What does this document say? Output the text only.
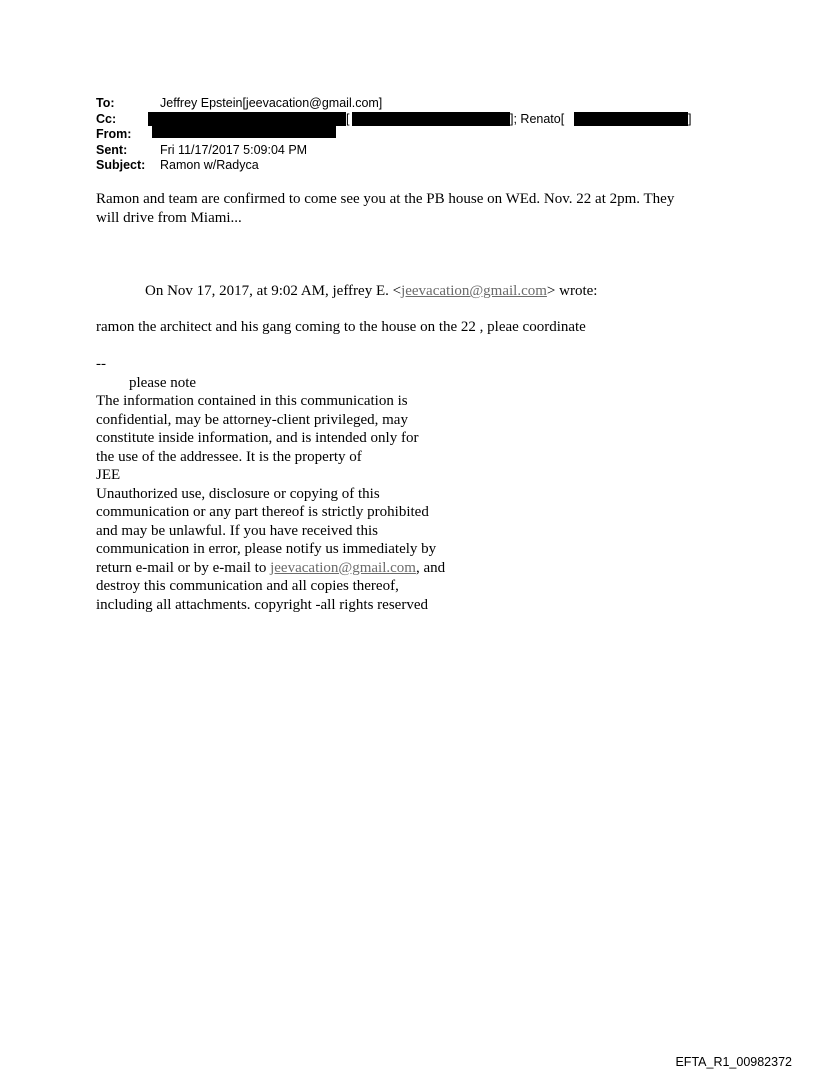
To:	Jeffrey Epstein[jeevacation@gmail.com]
Cc:	[	]; Renato[	]
From:
Sent:	Fri 11/17/2017 5:09:04 PM
Subject: Ramon w/Radyca
Ramon and team are confirmed to come see you at the PB house on WEd. Nov. 22 at 2pm. They
will drive from Miami...
On Nov 17, 2017, at 9:02 AM, jeffrey E. <jeevacation@gmail.com> wrote:
ramon the architect and his gang coming to the house on the 22 , pleae coordinate
--
please note
The information contained in this communication is
confidential, may be attorney-client privileged, may
constitute inside information, and is intended only for
the use of the addressee. It is the property of
JEE
Unauthorized use, disclosure or copying of this
communication or any part thereof is strictly prohibited
and may be unlawful. If you have received this
communication in error, please notify us immediately by
return e-mail or by e-mail to jeevacation@gmail.com, and
destroy this communication and all copies thereof,
including all attachments. copyright -all rights reserved
EFTA_R1_00982372
